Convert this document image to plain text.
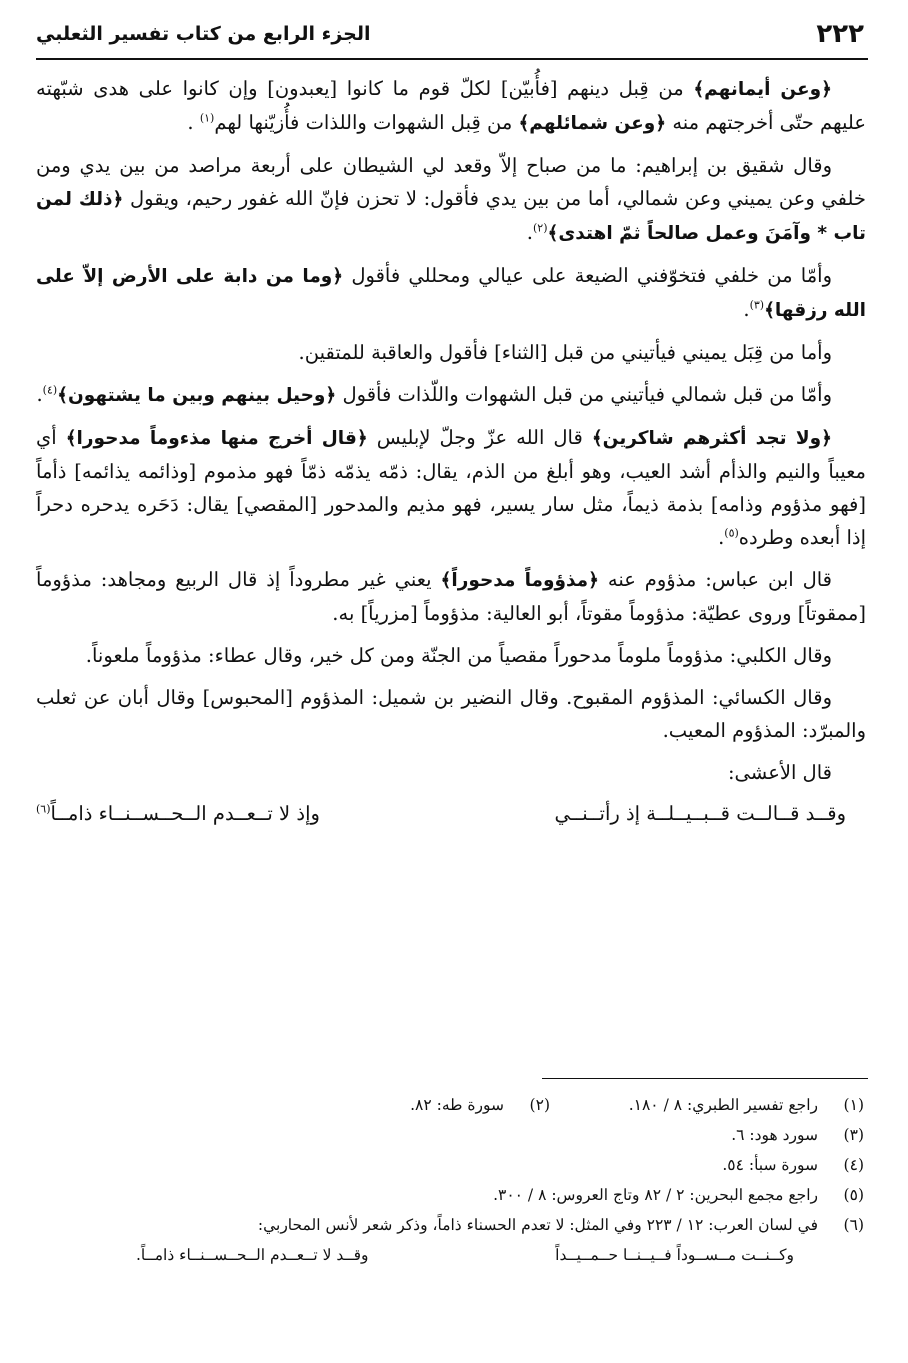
٢٢٢
الجزء الرابع من كتاب تفسير الثعلبي

﴿وعن أيمانهم﴾ من قِبل دينهم [فأُبيّن] لكلّ قوم ما كانوا [يعبدون] وإن كانوا على هدى شبّهته عليهم حتّى أخرجتهم منه ﴿وعن شمائلهم﴾ من قِبل الشهوات واللذات فأُزيّنها لهم$^{(١)}$ .

وقال شقيق بن إبراهيم: ما من صباح إلاّ وقعد لي الشيطان على أربعة مراصد من بين يدي ومن خلفي وعن يميني وعن شمالي، أما من بين يدي فأقول: لا تحزن فإنّ الله غفور رحيم، ويقول ﴿ذلك لمن تاب * وآمَنَ وعمل صالحاً ثمّ اهتدى﴾$^{(٢)}$.

وأمّا من خلفي فتخوّفني الضيعة على عيالي ومحللي فأقول ﴿وما من دابة على الأرض إلاّ على الله رزقها﴾$^{(٣)}$.

وأما من قِبَل يميني فيأتيني من قبل [الثناء] فأقول والعاقبة للمتقين.

وأمّا من قبل شمالي فيأتيني من قبل الشهوات واللّذات فأقول ﴿وحيل بينهم وبين ما يشتهون﴾$^{(٤)}$.

﴿ولا تجد أكثرهم شاكرين﴾ قال الله عزّ وجلّ لإبليس ﴿قال أخرج منها مذءوماً مدحورا﴾ أي معيباً والنيم والذأم أشد العيب، وهو أبلغ من الذم، يقال: ذمّه يذمّه ذمّاً فهو مذموم [وذائمه يذائمه] ذأماً [فهو مذؤوم وذامه] بذمة ذيماً، مثل سار يسير، فهو مذيم والمدحور [المقصي] يقال: دَحَره يدحره دحراً إذا أبعده وطرده$^{(٥)}$.

قال ابن عباس: مذؤوم عنه ﴿مذؤوماً مدحوراً﴾ يعني غير مطروداً إذ قال الربيع ومجاهد: مذؤوماً [ممقوتاً] وروى عطيّة: مذؤوماً مقوتاً، أبو العالية: مذؤوماً [مزرياً] به.

وقال الكلبي: مذؤوماً ملوماً مدحوراً مقصياً من الجنّة ومن كل خير، وقال عطاء: مذؤوماً ملعوناً.

وقال الكسائي: المذؤوم المقبوح. وقال النضير بن شميل: المذؤوم [المحبوس] وقال أبان عن ثعلب والمبرّد: المذؤوم المعيب.

قال الأعشى:

وقــد قــالــت قــبــيــلــة إذ رأتــنــي
وإذ لا تــعــدم الــحــســنــاء ذامــاً$^{(٦)}$
(١)
راجع تفسير الطبري: ٨ / ١٨٠.
(٢)
سورة طه: ٨٢.
(٣)
سورد هود: ٦.
(٤)
سورة سبأ: ٥٤.
(٥)
راجع مجمع البحرين: ٢ / ٨٢ وتاج العروس: ٨ / ٣٠٠.
(٦)
في لسان العرب: ١٢ / ٢٢٣ وفي المثل: لا تعدم الحسناء ذاماً، وذكر شعر لأنس المحاربي:
وكــنــت مــســوداً فــيــنــا حــمــيــداً
وقــد لا تــعــدم الــحــســنــاء ذامــاً.
